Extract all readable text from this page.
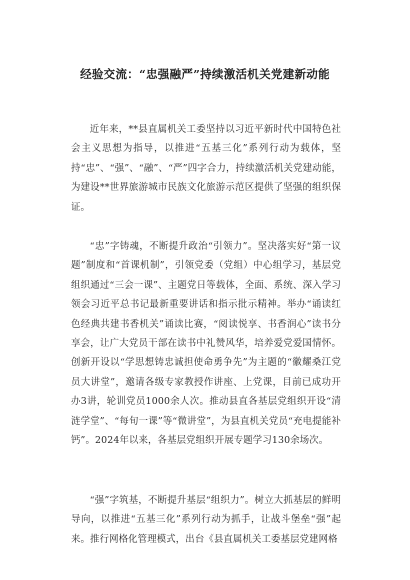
经验交流：“忠强融严”持续激活机关党建新动能

近年来，**县直属机关工委坚持以习近平新时代中国特色社会主义思想为指导，以推进“五基三化”系列行动为载体，坚持“忠”、“强”、“融”、“严”四字合力，持续激活机关党建动能，为建设**世界旅游城市民族文化旅游示范区提供了坚强的组织保证。

“忠”字铸魂，不断提升政治“引领力”。坚决落实好“第一议题”制度和“首课机制”，引领党委（党组）中心组学习，基层党组织通过“三会一课”、主题党日等载体，全面、系统、深入学习领会习近平总书记最新重要讲话和指示批示精神。举办“诵读红色经典共建书香机关”诵读比赛，“阅读悦享、书香润心”读书分享会，让广大党员干部在读书中礼赞风华，培养爱党爱国情怀。创新开设以“学思想铸忠诚担使命勇争先”为主题的“徽耀桑江党员大讲堂”，邀请各级专家教授作讲座、上党课，目前已成功开办3讲，轮训党员1000余人次。推动县直各基层党组织开设“清涟学堂”、“每旬一课”等“微讲堂”，为县直机关党员“充电提能补钙”。2024年以来，各基层党组织开展专题学习130余场次。

“强”字筑基，不断提升基层“组织力”。树立大抓基层的鲜明导向，以推进“五基三化”系列行动为抓手，让战斗堡垒“强”起来。推行网格化管理模式，出台《县直属机关工委基层党建网格
